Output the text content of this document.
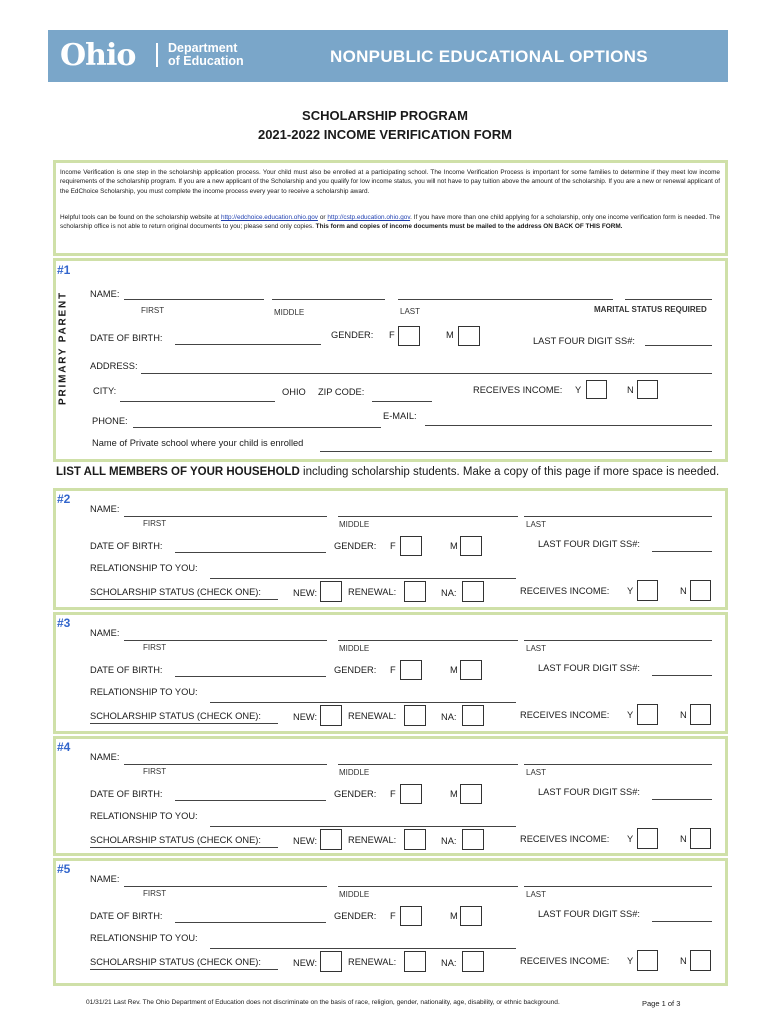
Ohio	Department
of Education	NONPUBLIC EDUCATIONAL OPTIONS
SCHOLARSHIP PROGRAM
2021-2022 INCOME VERIFICATION FORM
Income Verification is one step in the scholarship application process. Your child must also be enrolled at a participating school. The Income Verification Process is important for some families to determine if they meet low income requirements of the scholarship program. If you are a new applicant of the Scholarship and you qualify for low income status, you will not have to pay tuition above the amount of the scholarship. If you are a new or renewal applicant of the EdChoice Scholarship, you must complete the income process every year to receive a scholarship award.
Helpful tools can be found on the scholarship website at http://edchoice.education.ohio.gov or http://cstp.education.ohio.gov. If you have more than one child applying for a scholarship, only one income verification form is needed. The scholarship office is not able to return original documents to you; please send only copies. This form and copies of income documents must be mailed to the address ON BACK OF THIS FORM.
#1
PRIMARY PARENT NAME:
FIRST	MIDDLE	LAST	MARITAL STATUS REQUIRED
DATE OF BIRTH:	GENDER: F	M
LAST FOUR DIGIT SS#:
ADDRESS:
CITY:	OHIO ZIP CODE:	RECEIVES INCOME: Y	N
PHONE:	E-MAIL:
Name of Private school where your child is enrolled
LIST ALL MEMBERS OF YOUR HOUSEHOLD including scholarship students. Make a copy of this page if more space is needed.
#2
NAME:
FIRST	MIDDLE	LAST
DATE OF BIRTH:	GENDER: F	M	LAST FOUR DIGIT SS#:
RELATIONSHIP TO YOU:
SCHOLARSHIP STATUS (CHECK ONE):	NEW:	RENEWAL:	NA:	RECEIVES INCOME: Y	N
#3
NAME:
FIRST	MIDDLE	LAST
DATE OF BIRTH:	GENDER: F	M	LAST FOUR DIGIT SS#:
RELATIONSHIP TO YOU:
SCHOLARSHIP STATUS (CHECK ONE):	NEW:	RENEWAL:	NA:	RECEIVES INCOME: Y	N
#4
NAME:
FIRST	MIDDLE	LAST
DATE OF BIRTH:	GENDER: F	M	LAST FOUR DIGIT SS#:
RELATIONSHIP TO YOU:
SCHOLARSHIP STATUS (CHECK ONE):	NEW:	RENEWAL:	NA:	RECEIVES INCOME: Y	N
#5
NAME:
FIRST	MIDDLE	LAST
DATE OF BIRTH:	GENDER: F	M	LAST FOUR DIGIT SS#:
RELATIONSHIP TO YOU:
SCHOLARSHIP STATUS (CHECK ONE):	NEW:	RENEWAL:	NA:	RECEIVES INCOME: Y	N
01/31/21 Last Rev. The Ohio Department of Education does not discriminate on the basis of race, religion, gender, nationality, age, disability, or ethnic background.	Page 1 of 3
